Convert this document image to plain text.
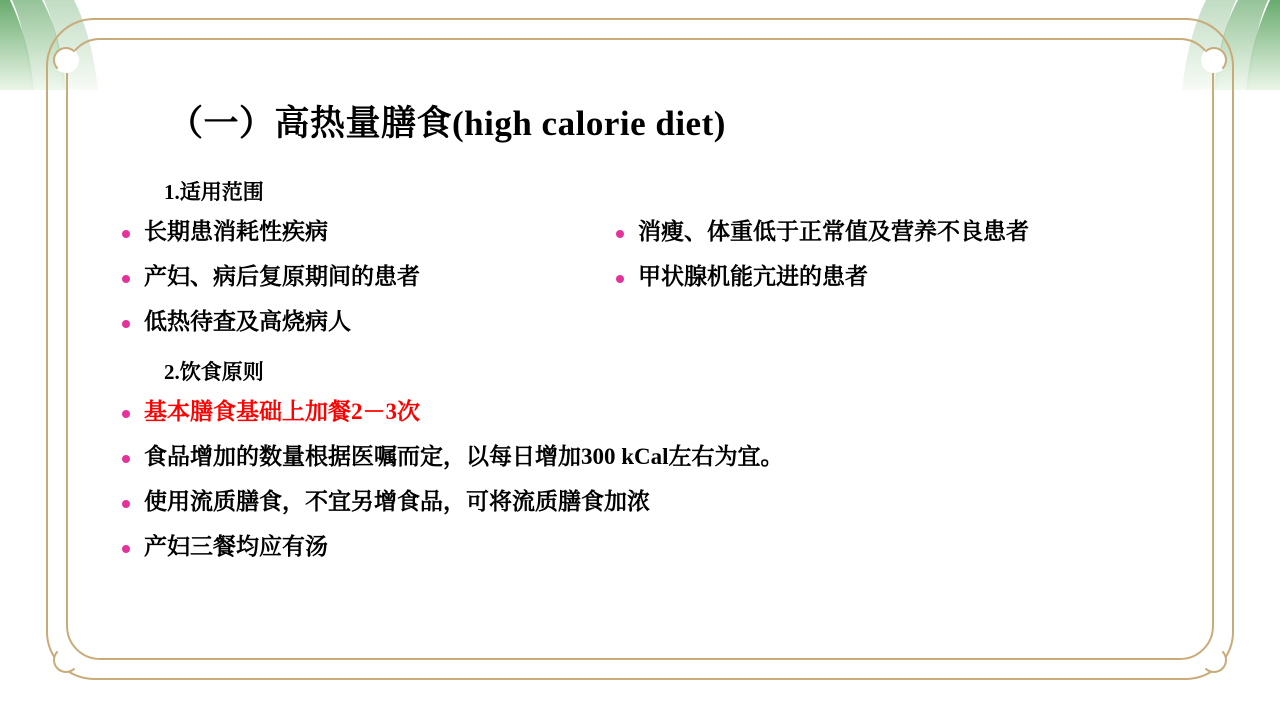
（一）高热量膳食(high calorie diet)
1.适用范围
长期患消耗性疾病
产妇、病后复原期间的患者
低热待查及高烧病人

消瘦、体重低于正常值及营养不良患者
甲状腺机能亢进的患者
2.饮食原则
基本膳食基础上加餐2－3次
食品增加的数量根据医嘱而定，以每日增加300 kCal左右为宜。
使用流质膳食，不宜另增食品，可将流质膳食加浓
产妇三餐均应有汤
